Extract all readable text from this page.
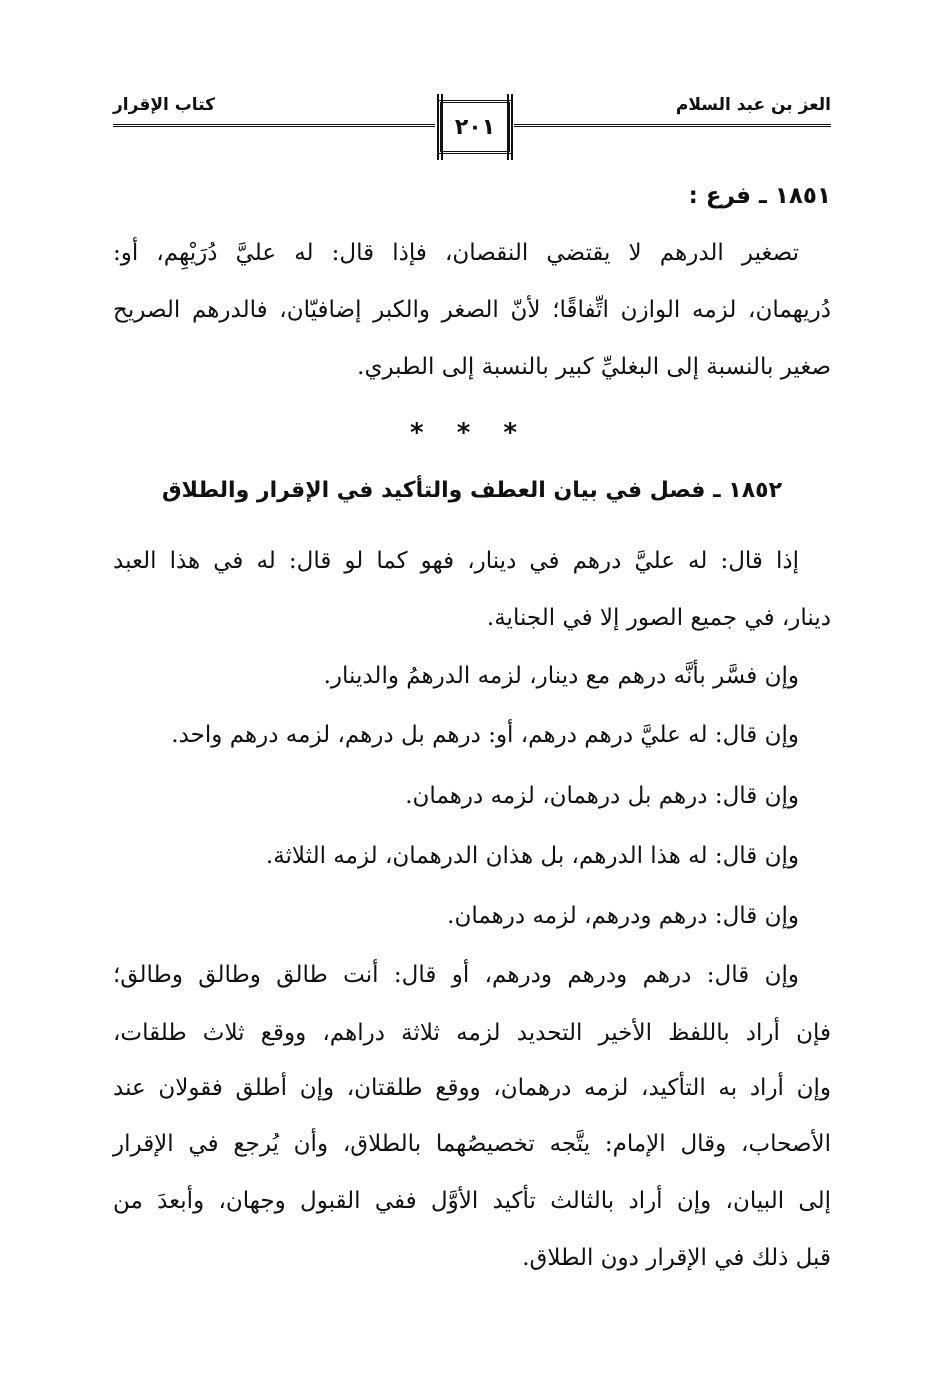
العز بن عبد السلام
كتاب الإقرار
٢٠١
١٨٥١ ـ فرع :
تصغير الدرهم لا يقتضي النقصان، فإذا قال: له عليَّ دُرَيْهِم، أو:
دُريهمان، لزمه الوازن اتِّفاقًا؛ لأنّ الصغر والكبر إضافيّان، فالدرهم الصريح
صغير بالنسبة إلى البغليِّ كبير بالنسبة إلى الطبري.
* * *
١٨٥٢ ـ فصل في بيان العطف والتأكيد في الإقرار والطلاق
إذا قال: له عليَّ درهم في دينار، فهو كما لو قال: له في هذا العبد
دينار، في جميع الصور إلا في الجناية.
وإن فسَّر بأنَّه درهم مع دينار، لزمه الدرهمُ والدينار.
وإن قال: له عليَّ درهم درهم، أو: درهم بل درهم، لزمه درهم واحد.
وإن قال: درهم بل درهمان، لزمه درهمان.
وإن قال: له هذا الدرهم، بل هذان الدرهمان، لزمه الثلاثة.
وإن قال: درهم ودرهم، لزمه درهمان.
وإن قال: درهم ودرهم ودرهم، أو قال: أنت طالق وطالق وطالق؛
فإن أراد باللفظ الأخير التحديد لزمه ثلاثة دراهم، ووقع ثلاث طلقات،
وإن أراد به التأكيد، لزمه درهمان، ووقع طلقتان، وإن أطلق فقولان عند
الأصحاب، وقال الإمام: يتَّجه تخصيصُهما بالطلاق، وأن يُرجع في الإقرار
إلى البيان، وإن أراد بالثالث تأكيد الأوَّل ففي القبول وجهان، وأبعدَ من
قبل ذلك في الإقرار دون الطلاق.
